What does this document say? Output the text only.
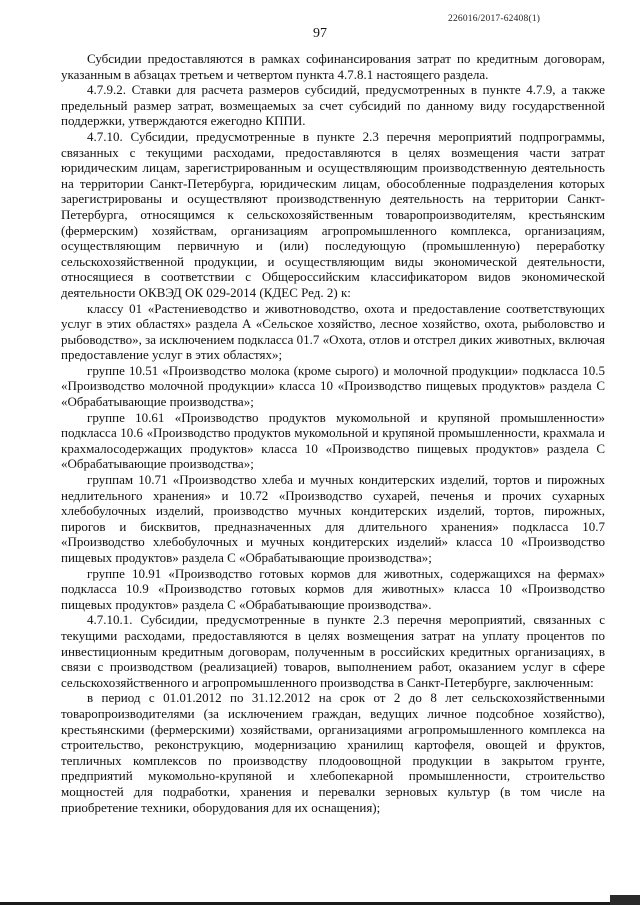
226016/2017-62408(1)
97

Субсидии предоставляются в рамках софинансирования затрат по кредитным договорам, указанным в абзацах третьем и четвертом пункта 4.7.8.1 настоящего раздела.

4.7.9.2. Ставки для расчета размеров субсидий, предусмотренных в пункте 4.7.9, а также предельный размер затрат, возмещаемых за счет субсидий по данному виду государственной поддержки, утверждаются ежегодно КППИ.

4.7.10. Субсидии, предусмотренные в пункте 2.3 перечня мероприятий подпрограммы, связанных с текущими расходами, предоставляются в целях возмещения части затрат юридическим лицам, зарегистрированным и осуществляющим производственную деятельность на территории Санкт-Петербурга, юридическим лицам, обособленные подразделения которых зарегистрированы и осуществляют производственную деятельность на территории Санкт-Петербурга, относящимся к сельскохозяйственным товаропроизводителям, крестьянским (фермерским) хозяйствам, организациям агропромышленного комплекса, организациям, осуществляющим первичную и (или) последующую (промышленную) переработку сельскохозяйственной продукции, и осуществляющим виды экономической деятельности, относящиеся в соответствии с Общероссийским классификатором видов экономической деятельности ОКВЭД ОК 029-2014 (КДЕС Ред. 2) к:

классу 01 «Растениеводство и животноводство, охота и предоставление соответствующих услуг в этих областях» раздела А «Сельское хозяйство, лесное хозяйство, охота, рыболовство и рыбоводство», за исключением подкласса 01.7 «Охота, отлов и отстрел диких животных, включая предоставление услуг в этих областях»;

группе 10.51 «Производство молока (кроме сырого) и молочной продукции» подкласса 10.5 «Производство молочной продукции» класса 10 «Производство пищевых продуктов» раздела С «Обрабатывающие производства»;

группе 10.61 «Производство продуктов мукомольной и крупяной промышленности» подкласса 10.6 «Производство продуктов мукомольной и крупяной промышленности, крахмала и крахмалосодержащих продуктов» класса 10 «Производство пищевых продуктов» раздела С «Обрабатывающие производства»;

группам 10.71 «Производство хлеба и мучных кондитерских изделий, тортов и пирожных недлительного хранения» и 10.72 «Производство сухарей, печенья и прочих сухарных хлебобулочных изделий, производство мучных кондитерских изделий, тортов, пирожных, пирогов и бисквитов, предназначенных для длительного хранения» подкласса 10.7 «Производство хлебобулочных и мучных кондитерских изделий» класса 10 «Производство пищевых продуктов» раздела С «Обрабатывающие производства»;

группе 10.91 «Производство готовых кормов для животных, содержащихся на фермах» подкласса 10.9 «Производство готовых кормов для животных» класса 10 «Производство пищевых продуктов» раздела С «Обрабатывающие производства».

4.7.10.1. Субсидии, предусмотренные в пункте 2.3 перечня мероприятий, связанных с текущими расходами, предоставляются в целях возмещения затрат на уплату процентов по инвестиционным кредитным договорам, полученным в российских кредитных организациях, в связи с производством (реализацией) товаров, выполнением работ, оказанием услуг в сфере сельскохозяйственного и агропромышленного производства в Санкт-Петербурге, заключенным:

в период с 01.01.2012 по 31.12.2012 на срок от 2 до 8 лет сельскохозяйственными товаропроизводителями (за исключением граждан, ведущих личное подсобное хозяйство), крестьянскими (фермерскими) хозяйствами, организациями агропромышленного комплекса на строительство, реконструкцию, модернизацию хранилищ картофеля, овощей и фруктов, тепличных комплексов по производству плодоовощной продукции в закрытом грунте, предприятий мукомольно-крупяной и хлебопекарной промышленности, строительство мощностей для подработки, хранения и перевалки зерновых культур (в том числе на приобретение техники, оборудования для их оснащения);
